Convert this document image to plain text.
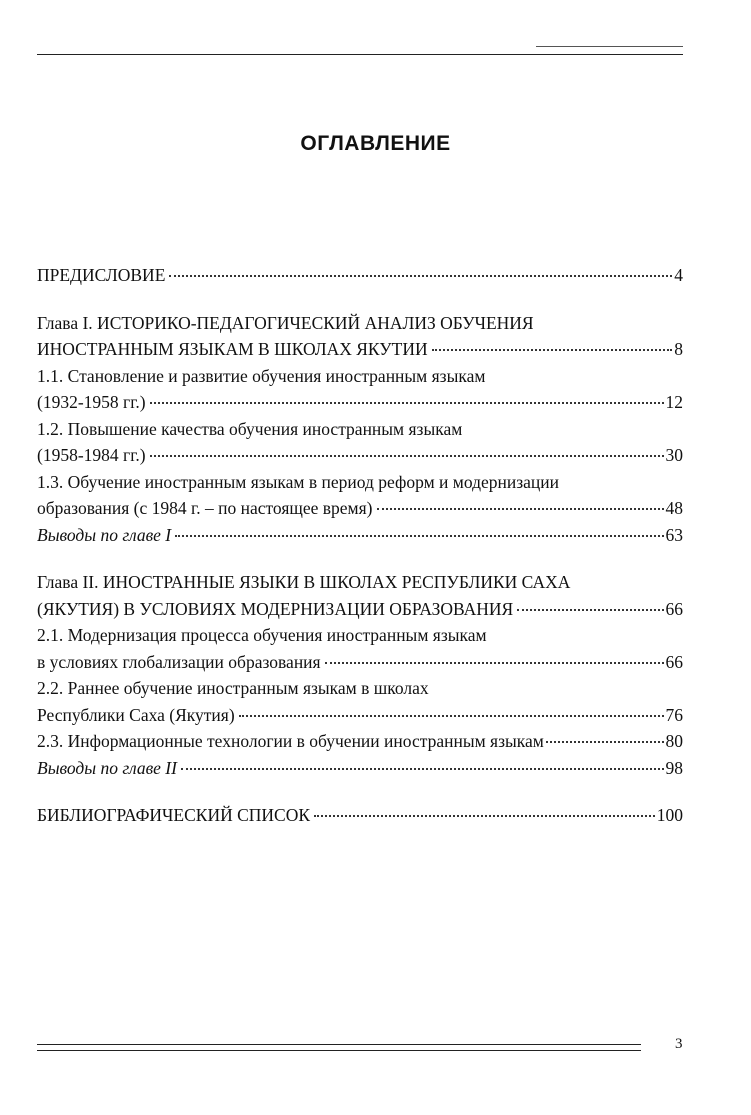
ОГЛАВЛЕНИЕ
ПРЕДИСЛОВИЕ	4
Глава I. ИСТОРИКО-ПЕДАГОГИЧЕСКИЙ АНАЛИЗ ОБУЧЕНИЯ
ИНОСТРАННЫМ ЯЗЫКАМ В ШКОЛАХ ЯКУТИИ	8
1.1. Становление и развитие обучения иностранным языкам
(1932-1958 гг.)	12
1.2. Повышение качества обучения иностранным языкам
(1958-1984 гг.)	30
1.3. Обучение иностранным языкам в период реформ и модернизации
образования (с 1984 г. – по настоящее время)	48
Выводы по главе I	63
Глава II. ИНОСТРАННЫЕ ЯЗЫКИ В ШКОЛАХ РЕСПУБЛИКИ САХА
(ЯКУТИЯ) В УСЛОВИЯХ МОДЕРНИЗАЦИИ ОБРАЗОВАНИЯ	66
2.1. Модернизация процесса обучения иностранным языкам
в условиях глобализации образования	66
2.2. Раннее обучение иностранным языкам в школах
Республики Саха (Якутия)	76
2.3. Информационные технологии в обучении иностранным языкам	80
Выводы по главе II	98
БИБЛИОГРАФИЧЕСКИЙ СПИСОК	100
3
